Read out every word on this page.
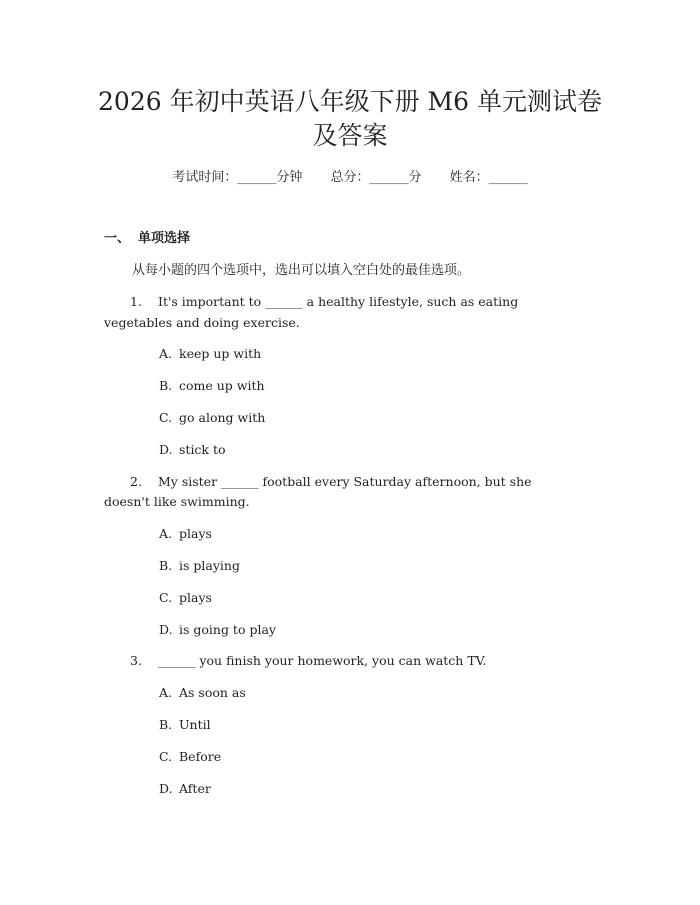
2026 年初中英语八年级下册 M6 单元测试卷
及答案
考试时间：______分钟 总分：______分 姓名：______
一、 单项选择
从每小题的四个选项中，选出可以填入空白处的最佳选项。
1. It's important to ______ a healthy lifestyle, such as eating
vegetables and doing exercise.
A. keep up with
B. come up with
C. go along with
D. stick to
2. My sister ______ football every Saturday afternoon, but she
doesn't like swimming.
A. plays
B. is playing
C. plays
D. is going to play
3. ______ you finish your homework, you can watch TV.
A. As soon as
B. Until
C. Before
D. After
